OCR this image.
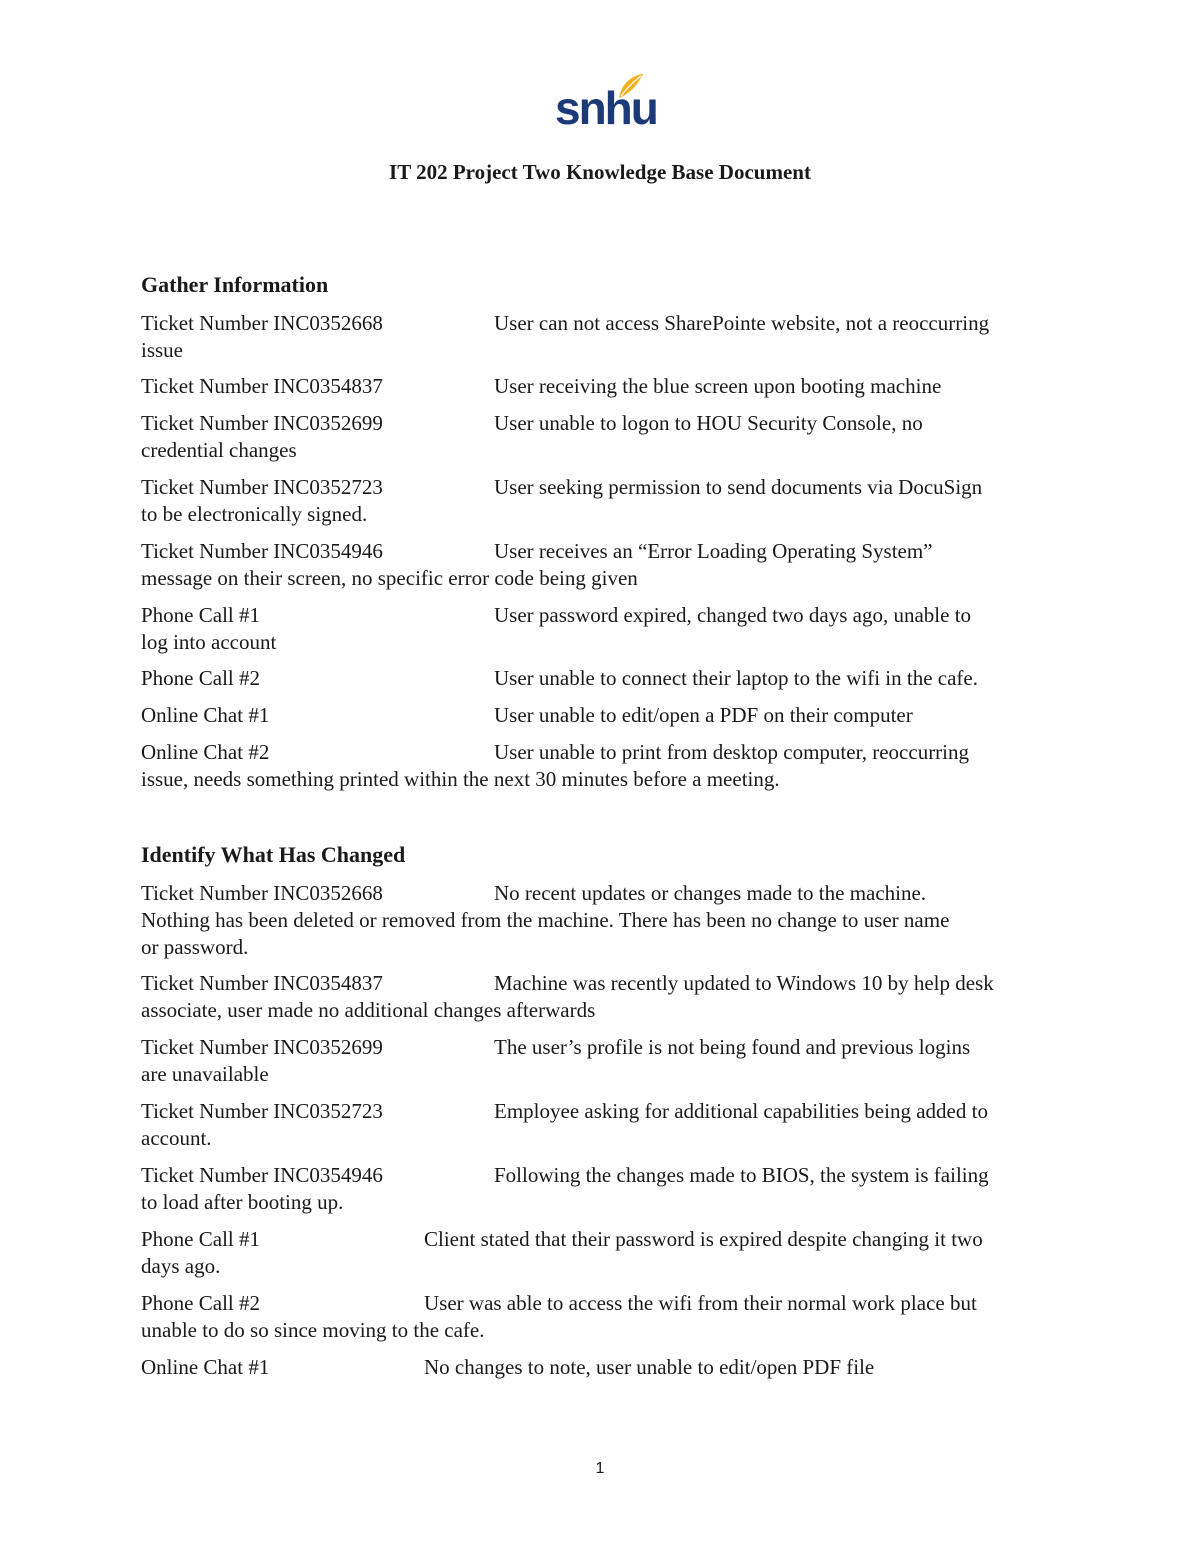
snhu
IT 202 Project Two Knowledge Base Document
Gather Information
Ticket Number INC0352668	User can not access SharePointe website, not a reoccurring
issue
Ticket Number INC0354837	User receiving the blue screen upon booting machine
Ticket Number INC0352699	User unable to logon to HOU Security Console, no
credential changes
Ticket Number INC0352723	User seeking permission to send documents via DocuSign
to be electronically signed.
Ticket Number INC0354946	User receives an “Error Loading Operating System”
message on their screen, no specific error code being given
Phone Call #1	User password expired, changed two days ago, unable to
log into account
Phone Call #2	User unable to connect their laptop to the wifi in the cafe.
Online Chat #1	User unable to edit/open a PDF on their computer
Online Chat #2	User unable to print from desktop computer, reoccurring
issue, needs something printed within the next 30 minutes before a meeting.
Identify What Has Changed
Ticket Number INC0352668	No recent updates or changes made to the machine.
Nothing has been deleted or removed from the machine. There has been no change to user name
or password.
Ticket Number INC0354837	Machine was recently updated to Windows 10 by help desk
associate, user made no additional changes afterwards
Ticket Number INC0352699	The user’s profile is not being found and previous logins
are unavailable
Ticket Number INC0352723	Employee asking for additional capabilities being added to
account.
Ticket Number INC0354946	Following the changes made to BIOS, the system is failing
to load after booting up.
Phone Call #1	Client stated that their password is expired despite changing it two
days ago.
Phone Call #2	User was able to access the wifi from their normal work place but
unable to do so since moving to the cafe.
Online Chat #1	No changes to note, user unable to edit/open PDF file
1
